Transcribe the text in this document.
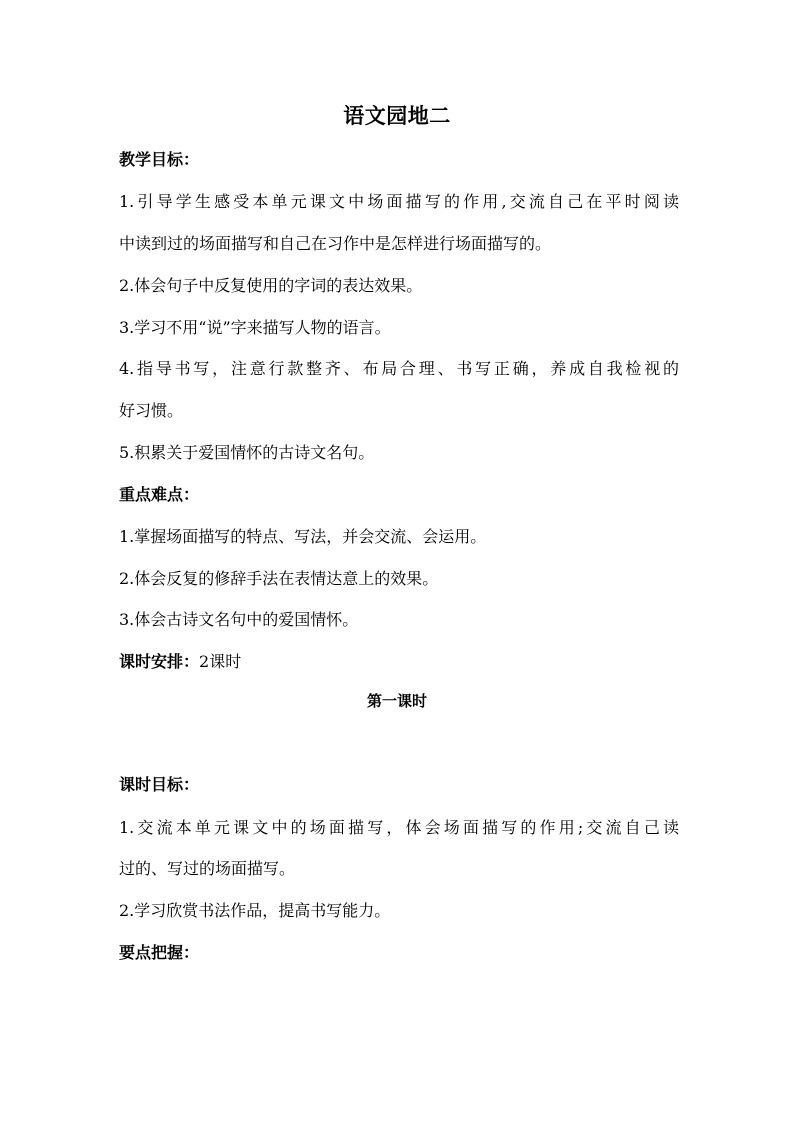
语文园地二
教学目标：
1.引导学生感受本单元课文中场面描写的作用,交流自己在平时阅读
中读到过的场面描写和自己在习作中是怎样进行场面描写的。
2.体会句子中反复使用的字词的表达效果。
3.学习不用“说”字来描写人物的语言。
4.指导书写，注意行款整齐、布局合理、书写正确，养成自我检视的
好习惯。
5.积累关于爱国情怀的古诗文名句。
重点难点：
1.掌握场面描写的特点、写法，并会交流、会运用。
2.体会反复的修辞手法在表情达意上的效果。
3.体会古诗文名句中的爱国情怀。
课时安排：2课时
第一课时
课时目标：
1.交流本单元课文中的场面描写，体会场面描写的作用;交流自己读
过的、写过的场面描写。
2.学习欣赏书法作品，提高书写能力。
要点把握：
